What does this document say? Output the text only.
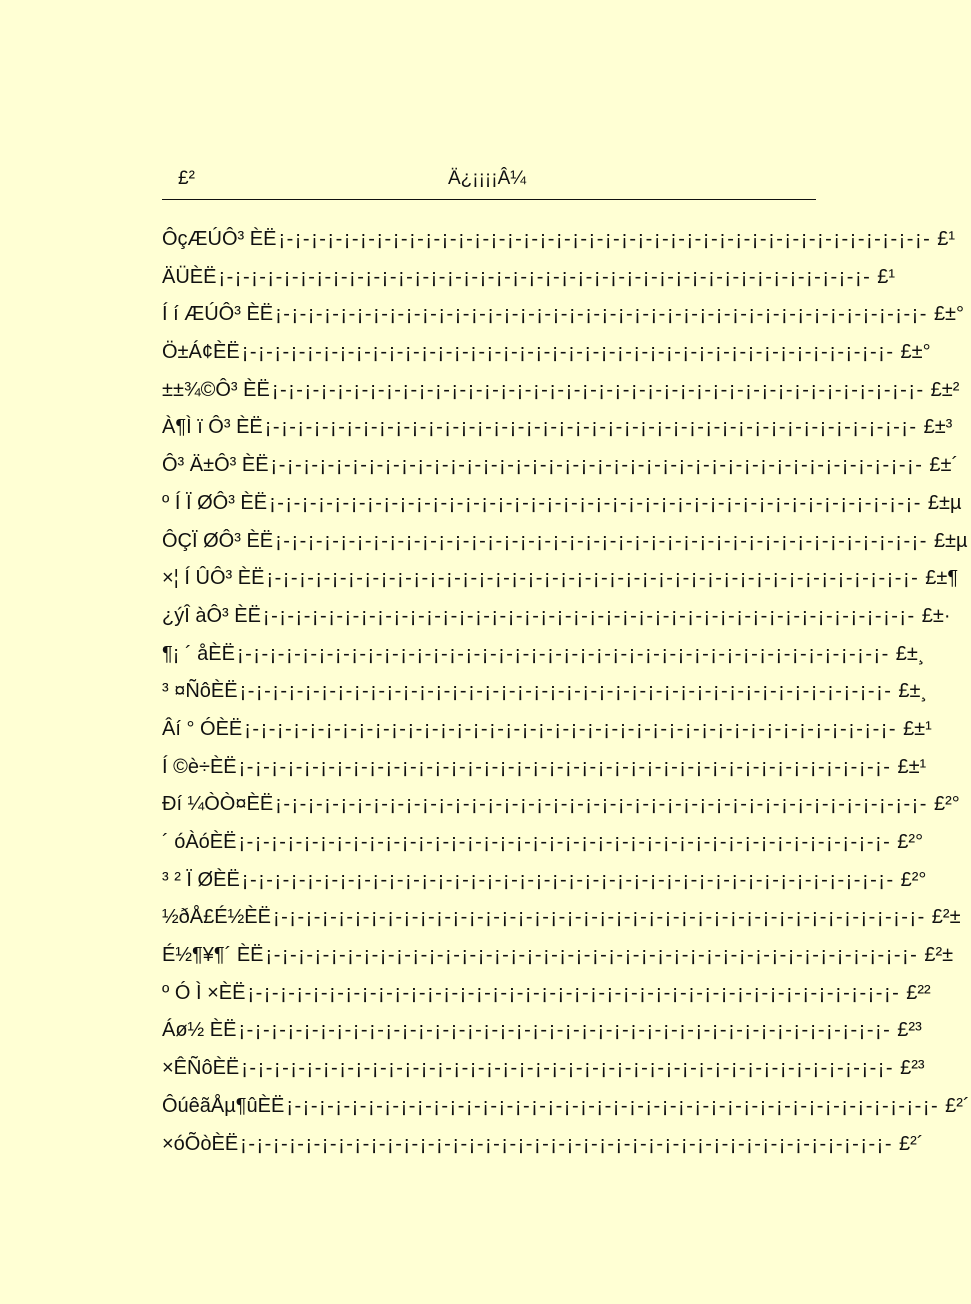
£²	Ä¿¡¡¡¡Â¼
ÔçÆÚÔ³ ÈË ¡-¡-¡-¡-¡-¡-¡-¡-¡-¡-¡-¡-¡-¡-¡-¡-¡-¡-¡-¡-¡-¡-¡-¡-¡-¡-¡-¡-¡-¡-¡-¡-¡-¡-¡-¡-¡-¡-¡-¡- £¹
ÄÜÈË ¡-¡-¡-¡-¡-¡-¡-¡-¡-¡-¡-¡-¡-¡-¡-¡-¡-¡-¡-¡-¡-¡-¡-¡-¡-¡-¡-¡-¡-¡-¡-¡-¡-¡-¡-¡-¡-¡-¡-¡- £¹
Í í ÆÚÔ³ ÈË ¡-¡-¡-¡-¡-¡-¡-¡-¡-¡-¡-¡-¡-¡-¡-¡-¡-¡-¡-¡-¡-¡-¡-¡-¡-¡-¡-¡-¡-¡-¡-¡-¡-¡-¡-¡-¡-¡-¡-¡- £±°
Ö±Á¢ÈË ¡-¡-¡-¡-¡-¡-¡-¡-¡-¡-¡-¡-¡-¡-¡-¡-¡-¡-¡-¡-¡-¡-¡-¡-¡-¡-¡-¡-¡-¡-¡-¡-¡-¡-¡-¡-¡-¡-¡-¡- £±°
±±¾©Ô³ ÈË ¡-¡-¡-¡-¡-¡-¡-¡-¡-¡-¡-¡-¡-¡-¡-¡-¡-¡-¡-¡-¡-¡-¡-¡-¡-¡-¡-¡-¡-¡-¡-¡-¡-¡-¡-¡-¡-¡-¡-¡- £±²
À¶Ì ï Ô³ ÈË ¡-¡-¡-¡-¡-¡-¡-¡-¡-¡-¡-¡-¡-¡-¡-¡-¡-¡-¡-¡-¡-¡-¡-¡-¡-¡-¡-¡-¡-¡-¡-¡-¡-¡-¡-¡-¡-¡-¡-¡- £±³
Ô³ Ä±Ô³ ÈË ¡-¡-¡-¡-¡-¡-¡-¡-¡-¡-¡-¡-¡-¡-¡-¡-¡-¡-¡-¡-¡-¡-¡-¡-¡-¡-¡-¡-¡-¡-¡-¡-¡-¡-¡-¡-¡-¡-¡-¡- £±´
º Í Ï ØÔ³ ÈË ¡-¡-¡-¡-¡-¡-¡-¡-¡-¡-¡-¡-¡-¡-¡-¡-¡-¡-¡-¡-¡-¡-¡-¡-¡-¡-¡-¡-¡-¡-¡-¡-¡-¡-¡-¡-¡-¡-¡-¡- £±µ
ÔÇÏ ØÔ³ ÈË ¡-¡-¡-¡-¡-¡-¡-¡-¡-¡-¡-¡-¡-¡-¡-¡-¡-¡-¡-¡-¡-¡-¡-¡-¡-¡-¡-¡-¡-¡-¡-¡-¡-¡-¡-¡-¡-¡-¡-¡- £±µ
×¦ Í ÛÔ³ ÈË ¡-¡-¡-¡-¡-¡-¡-¡-¡-¡-¡-¡-¡-¡-¡-¡-¡-¡-¡-¡-¡-¡-¡-¡-¡-¡-¡-¡-¡-¡-¡-¡-¡-¡-¡-¡-¡-¡-¡-¡- £±¶
¿ýÎ àÔ³ ÈË ¡-¡-¡-¡-¡-¡-¡-¡-¡-¡-¡-¡-¡-¡-¡-¡-¡-¡-¡-¡-¡-¡-¡-¡-¡-¡-¡-¡-¡-¡-¡-¡-¡-¡-¡-¡-¡-¡-¡-¡- £±·
¶¡ ´ åÈË ¡-¡-¡-¡-¡-¡-¡-¡-¡-¡-¡-¡-¡-¡-¡-¡-¡-¡-¡-¡-¡-¡-¡-¡-¡-¡-¡-¡-¡-¡-¡-¡-¡-¡-¡-¡-¡-¡-¡-¡- £±¸
³ ¤ÑôÈË ¡-¡-¡-¡-¡-¡-¡-¡-¡-¡-¡-¡-¡-¡-¡-¡-¡-¡-¡-¡-¡-¡-¡-¡-¡-¡-¡-¡-¡-¡-¡-¡-¡-¡-¡-¡-¡-¡-¡-¡- £±¸
Âí ° ÓÈË ¡-¡-¡-¡-¡-¡-¡-¡-¡-¡-¡-¡-¡-¡-¡-¡-¡-¡-¡-¡-¡-¡-¡-¡-¡-¡-¡-¡-¡-¡-¡-¡-¡-¡-¡-¡-¡-¡-¡-¡- £±¹
Í ©è÷ÈË ¡-¡-¡-¡-¡-¡-¡-¡-¡-¡-¡-¡-¡-¡-¡-¡-¡-¡-¡-¡-¡-¡-¡-¡-¡-¡-¡-¡-¡-¡-¡-¡-¡-¡-¡-¡-¡-¡-¡-¡- £±¹
Ðí ¼ÒÒ¤ÈË ¡-¡-¡-¡-¡-¡-¡-¡-¡-¡-¡-¡-¡-¡-¡-¡-¡-¡-¡-¡-¡-¡-¡-¡-¡-¡-¡-¡-¡-¡-¡-¡-¡-¡-¡-¡-¡-¡-¡-¡- £²°
´ óÀóÈË ¡-¡-¡-¡-¡-¡-¡-¡-¡-¡-¡-¡-¡-¡-¡-¡-¡-¡-¡-¡-¡-¡-¡-¡-¡-¡-¡-¡-¡-¡-¡-¡-¡-¡-¡-¡-¡-¡-¡-¡- £²°
³ ² Ï ØÈË ¡-¡-¡-¡-¡-¡-¡-¡-¡-¡-¡-¡-¡-¡-¡-¡-¡-¡-¡-¡-¡-¡-¡-¡-¡-¡-¡-¡-¡-¡-¡-¡-¡-¡-¡-¡-¡-¡-¡-¡- £²°
½ðÅ£É½ÈË ¡-¡-¡-¡-¡-¡-¡-¡-¡-¡-¡-¡-¡-¡-¡-¡-¡-¡-¡-¡-¡-¡-¡-¡-¡-¡-¡-¡-¡-¡-¡-¡-¡-¡-¡-¡-¡-¡-¡-¡- £²±
É½¶¥¶´ ÈË ¡-¡-¡-¡-¡-¡-¡-¡-¡-¡-¡-¡-¡-¡-¡-¡-¡-¡-¡-¡-¡-¡-¡-¡-¡-¡-¡-¡-¡-¡-¡-¡-¡-¡-¡-¡-¡-¡-¡-¡- £²±
º Ó Ì ×ÈË ¡-¡-¡-¡-¡-¡-¡-¡-¡-¡-¡-¡-¡-¡-¡-¡-¡-¡-¡-¡-¡-¡-¡-¡-¡-¡-¡-¡-¡-¡-¡-¡-¡-¡-¡-¡-¡-¡-¡-¡- £²²
Áø½ ÈË ¡-¡-¡-¡-¡-¡-¡-¡-¡-¡-¡-¡-¡-¡-¡-¡-¡-¡-¡-¡-¡-¡-¡-¡-¡-¡-¡-¡-¡-¡-¡-¡-¡-¡-¡-¡-¡-¡-¡-¡- £²³
×ÊÑôÈË ¡-¡-¡-¡-¡-¡-¡-¡-¡-¡-¡-¡-¡-¡-¡-¡-¡-¡-¡-¡-¡-¡-¡-¡-¡-¡-¡-¡-¡-¡-¡-¡-¡-¡-¡-¡-¡-¡-¡-¡- £²³
ÔúêãÅµ¶ûÈË ¡-¡-¡-¡-¡-¡-¡-¡-¡-¡-¡-¡-¡-¡-¡-¡-¡-¡-¡-¡-¡-¡-¡-¡-¡-¡-¡-¡-¡-¡-¡-¡-¡-¡-¡-¡-¡-¡-¡-¡- £²´
×óÕòÈË ¡-¡-¡-¡-¡-¡-¡-¡-¡-¡-¡-¡-¡-¡-¡-¡-¡-¡-¡-¡-¡-¡-¡-¡-¡-¡-¡-¡-¡-¡-¡-¡-¡-¡-¡-¡-¡-¡-¡-¡- £²´
